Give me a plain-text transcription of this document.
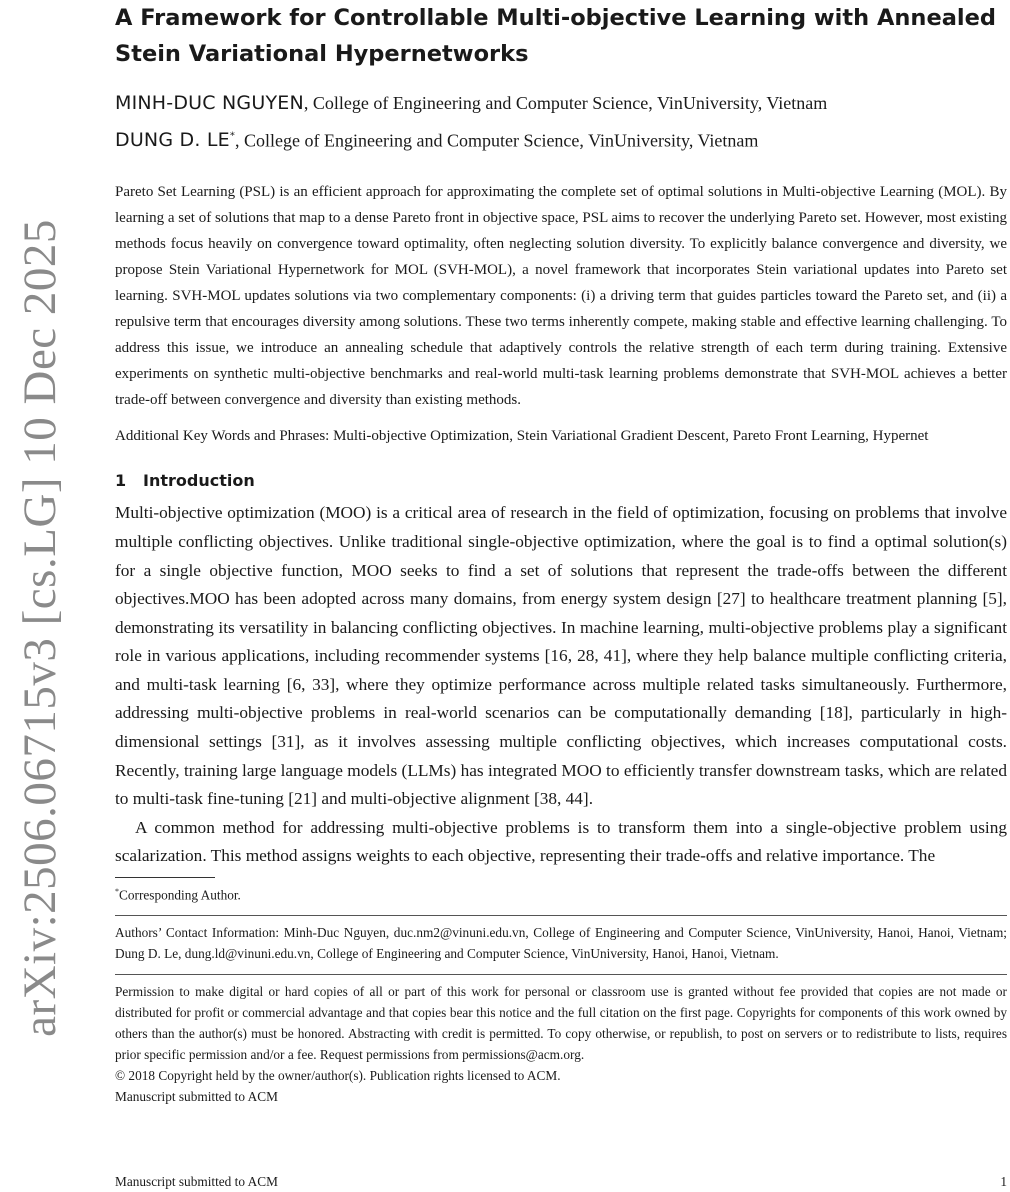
arXiv:2506.06715v3 [cs.LG] 10 Dec 2025
A Framework for Controllable Multi-objective Learning with Annealed Stein Variational Hypernetworks
MINH-DUC NGUYEN, College of Engineering and Computer Science, VinUniversity, Vietnam
DUNG D. LE*, College of Engineering and Computer Science, VinUniversity, Vietnam

Pareto Set Learning (PSL) is an efficient approach for approximating the complete set of optimal solutions in Multi-objective Learning (MOL). By learning a set of solutions that map to a dense Pareto front in objective space, PSL aims to recover the underlying Pareto set. However, most existing methods focus heavily on convergence toward optimality, often neglecting solution diversity. To explicitly balance convergence and diversity, we propose Stein Variational Hypernetwork for MOL (SVH-MOL), a novel framework that incorporates Stein variational updates into Pareto set learning. SVH-MOL updates solutions via two complementary components: (i) a driving term that guides particles toward the Pareto set, and (ii) a repulsive term that encourages diversity among solutions. These two terms inherently compete, making stable and effective learning challenging. To address this issue, we introduce an annealing schedule that adaptively controls the relative strength of each term during training. Extensive experiments on synthetic multi-objective benchmarks and real-world multi-task learning problems demonstrate that SVH-MOL achieves a better trade-off between convergence and diversity than existing methods.

Additional Key Words and Phrases: Multi-objective Optimization, Stein Variational Gradient Descent, Pareto Front Learning, Hypernet
1 Introduction

Multi-objective optimization (MOO) is a critical area of research in the field of optimization, focusing on problems that involve multiple conflicting objectives. Unlike traditional single-objective optimization, where the goal is to find a optimal solution(s) for a single objective function, MOO seeks to find a set of solutions that represent the trade-offs between the different objectives.MOO has been adopted across many domains, from energy system design [27] to healthcare treatment planning [5], demonstrating its versatility in balancing conflicting objectives. In machine learning, multi-objective problems play a significant role in various applications, including recommender systems [16, 28, 41], where they help balance multiple conflicting criteria, and multi-task learning [6, 33], where they optimize performance across multiple related tasks simultaneously. Furthermore, addressing multi-objective problems in real-world scenarios can be computationally demanding [18], particularly in high-dimensional settings [31], as it involves assessing multiple conflicting objectives, which increases computational costs. Recently, training large language models (LLMs) has integrated MOO to efficiently transfer downstream tasks, which are related to multi-task fine-tuning [21] and multi-objective alignment [38, 44].

A common method for addressing multi-objective problems is to transform them into a single-objective problem using scalarization. This method assigns weights to each objective, representing their trade-offs and relative importance. The

*Corresponding Author.

Authors’ Contact Information: Minh-Duc Nguyen, duc.nm2@vinuni.edu.vn, College of Engineering and Computer Science, VinUniversity, Hanoi, Hanoi, Vietnam; Dung D. Le, dung.ld@vinuni.edu.vn, College of Engineering and Computer Science, VinUniversity, Hanoi, Hanoi, Vietnam.

Permission to make digital or hard copies of all or part of this work for personal or classroom use is granted without fee provided that copies are not made or distributed for profit or commercial advantage and that copies bear this notice and the full citation on the first page. Copyrights for components of this work owned by others than the author(s) must be honored. Abstracting with credit is permitted. To copy otherwise, or republish, to post on servers or to redistribute to lists, requires prior specific permission and/or a fee. Request permissions from permissions@acm.org.

© 2018 Copyright held by the owner/author(s). Publication rights licensed to ACM.

Manuscript submitted to ACM

Manuscript submitted to ACM	1
